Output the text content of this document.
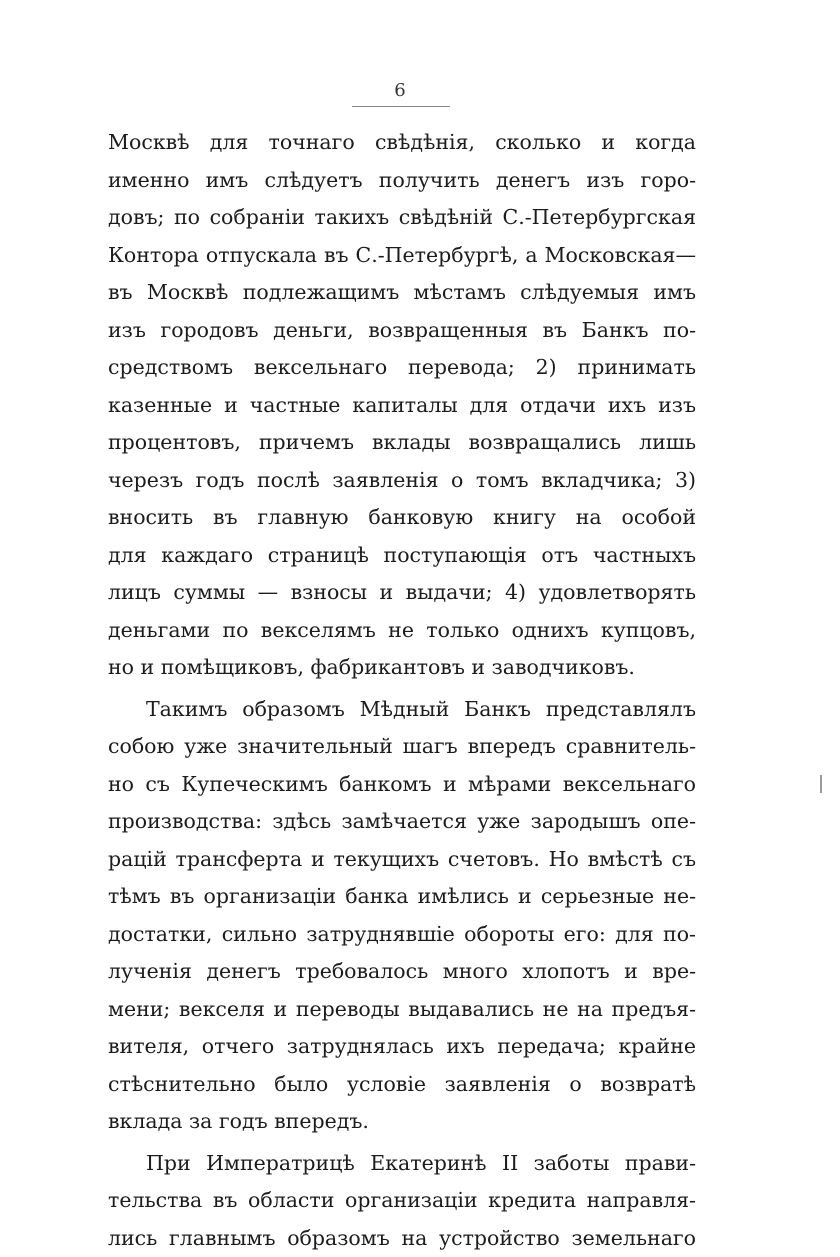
6
Москвѣ для точнаго свѣдѣнія, сколько и когда
именно имъ слѣдуетъ получить денегъ изъ горо-
довъ; по собраніи такихъ свѣдѣній С.-Петербургская
Контора отпускала въ С.-Петербургѣ, а Московская—
въ Москвѣ подлежащимъ мѣстамъ слѣдуемыя имъ
изъ городовъ деньги, возвращенныя въ Банкъ по-
средствомъ вексельнаго перевода; 2) принимать
казенные и частные капиталы для отдачи ихъ изъ
процентовъ, причемъ вклады возвращались лишь
черезъ годъ послѣ заявленія о томъ вкладчика; 3)
вносить въ главную банковую книгу на особой
для каждаго страницѣ поступающія отъ частныхъ
лицъ суммы — взносы и выдачи; 4) удовлетворять
деньгами по векселямъ не только однихъ купцовъ,
но и помѣщиковъ, фабрикантовъ и заводчиковъ.
Такимъ образомъ Мѣдный Банкъ представлялъ
собою уже значительный шагъ впередъ сравнитель-
но съ Купеческимъ банкомъ и мѣрами вексельнаго
производства: здѣсь замѣчается уже зародышъ опе-
рацій трансферта и текущихъ счетовъ. Но вмѣстѣ съ
тѣмъ въ организаціи банка имѣлись и серьезные не-
достатки, сильно затруднявшіе обороты его: для по-
лученія денегъ требовалось много хлопотъ и вре-
мени; векселя и переводы выдавались не на предъя-
вителя, отчего затруднялась ихъ передача; крайне
стѣснительно было условіе заявленія о возвратѣ
вклада за годъ впередъ.
При Императрицѣ Екатеринѣ II заботы прави-
тельства въ области организаціи кредита направля-
лись главнымъ образомъ на устройство земельнаго
